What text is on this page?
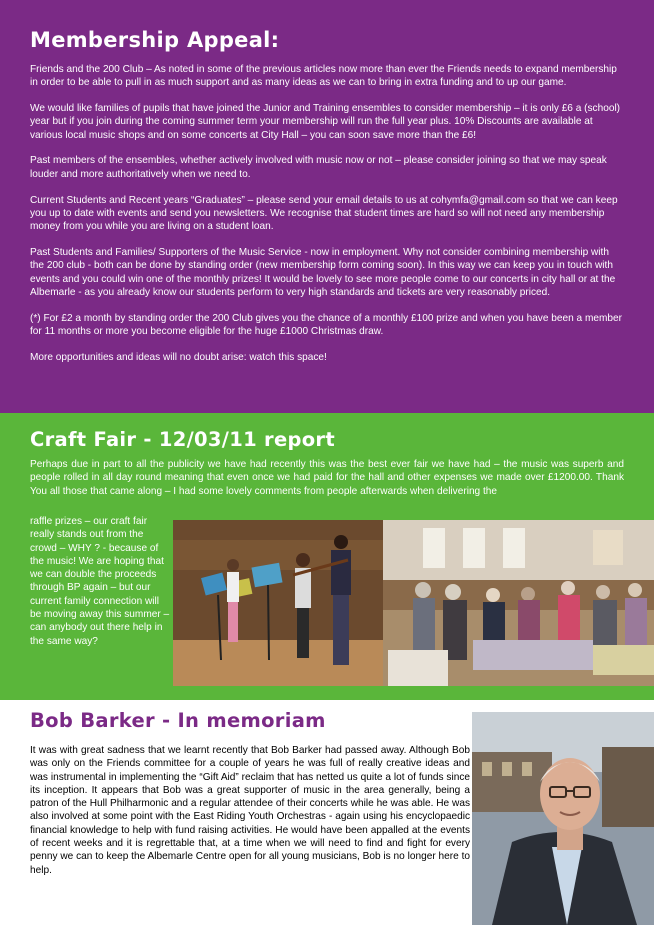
Membership Appeal:

Friends and the 200 Club – As noted in some of the previous articles now more than ever the Friends needs to expand membership in order to be able to pull in as much support and as many ideas as we can to bring in extra funding and to up our game.

We would like families of pupils that have joined the Junior and Training ensembles to consider membership – it is only £6 a (school) year but if you join during the coming summer term your membership will run the full year plus. 10% Discounts are available at various local music shops and on some concerts at City Hall – you can soon save more than the £6!

Past members of the ensembles, whether actively involved with music now or not – please consider joining so that we may speak louder and more authoritatively when we need to.

Current Students and Recent years “Graduates” – please send your email details to us at cohymfa@gmail.com so that we can keep you up to date with events and send you newsletters. We recognise that student times are hard so will not need any membership money from you while you are living on a student loan.

Past Students and Families/ Supporters of the Music Service - now in employment. Why not consider combining membership with the 200 club - both can be done by standing order (new membership form coming soon). In this way we can keep you in touch with events and you could win one of the monthly prizes! It would be lovely to see more people come to our concerts in city hall or at the Albemarle - as you already know our students perform to very high standards and tickets are very reasonably priced.

(*) For £2 a month by standing order the 200 Club gives you the chance of a monthly £100 prize and when you have been a member for 11 months or more you become eligible for the huge £1000 Christmas draw.

More opportunities and ideas will no doubt arise: watch this space!

Craft Fair - 12/03/11 report

Perhaps due in part to all the publicity we have had recently this was the best ever fair we have had – the music was superb and people rolled in all day round meaning that even once we had paid for the hall and other expenses we made over £1200.00. Thank You all those that came along – I had some lovely comments from people afterwards when delivering the

raffle prizes – our craft fair really stands out from the crowd – WHY ? - because of the music! We are hoping that we can double the proceeds through BP again – but our current family connection will be moving away this summer – can anybody out there help in the same way?
Bob Barker - In memoriam
It was with great sadness that we learnt recently that Bob Barker had passed away. Although Bob was only on the Friends committee for a couple of years he was full of really creative ideas and was instrumental in implementing the “Gift Aid” reclaim that has netted us quite a lot of funds since its inception. It appears that Bob was a great supporter of music in the area generally, being a patron of the Hull Philharmonic and a regular attendee of their concerts while he was able. He was also involved at some point with the East Riding Youth Orchestras - again using his encyclopaedic financial knowledge to help with fund raising activities. He would have been appalled at the events of recent weeks and it is regrettable that, at a time when we will need to find and fight for every penny we can to keep the Albemarle Centre open for all young musicians, Bob is no longer here to help.
